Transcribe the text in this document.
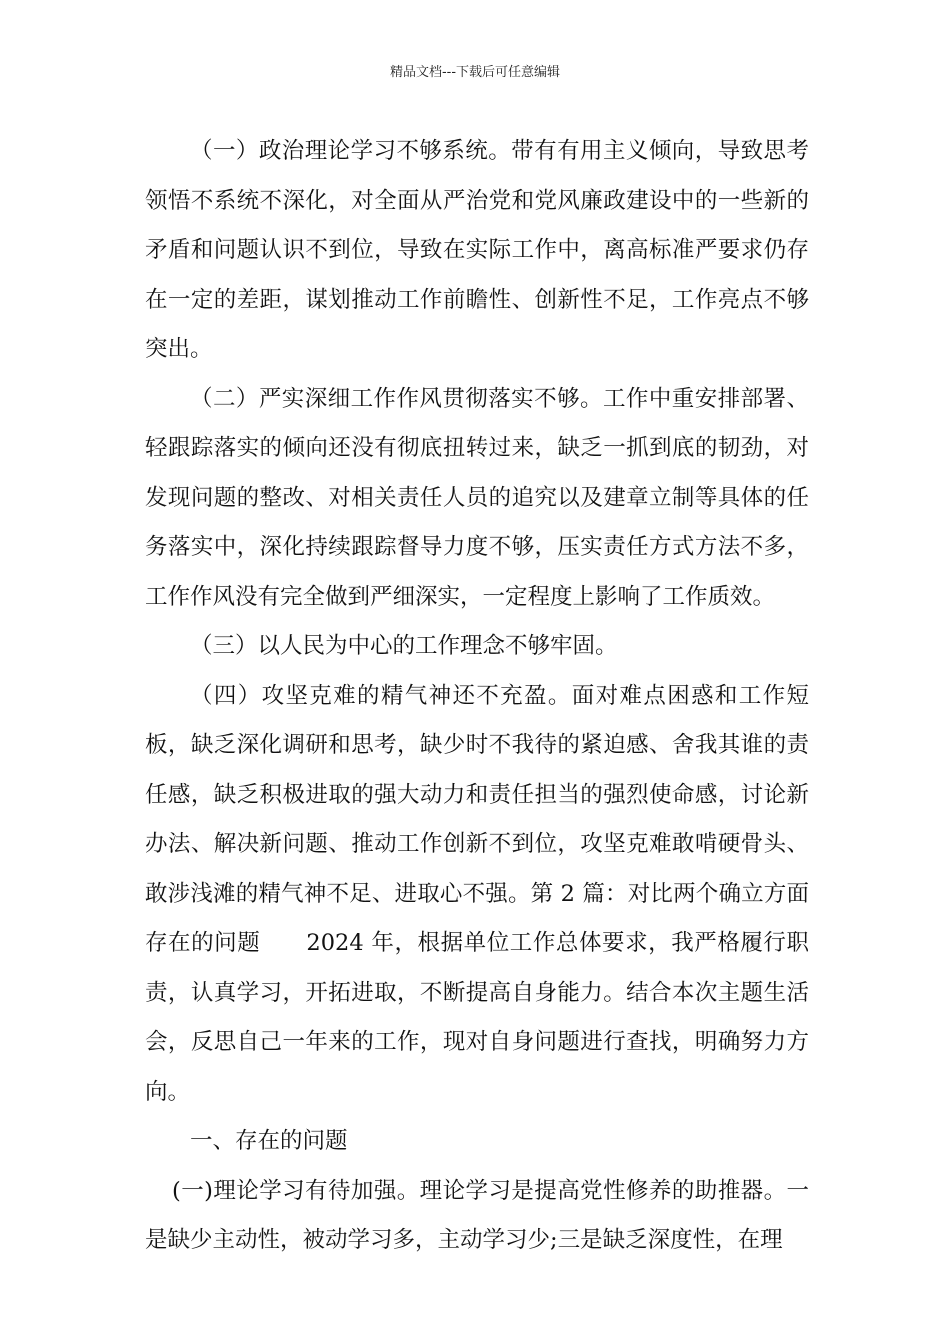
精品文档---下载后可任意编辑

（一）政治理论学习不够系统。带有有用主义倾向，导致思考领悟不系统不深化，对全面从严治党和党风廉政建设中的一些新的矛盾和问题认识不到位，导致在实际工作中，离高标准严要求仍存在一定的差距，谋划推动工作前瞻性、创新性不足，工作亮点不够突出。

（二）严实深细工作作风贯彻落实不够。工作中重安排部署、轻跟踪落实的倾向还没有彻底扭转过来，缺乏一抓到底的韧劲，对发现问题的整改、对相关责任人员的追究以及建章立制等具体的任务落实中，深化持续跟踪督导力度不够，压实责任方式方法不多，工作作风没有完全做到严细深实，一定程度上影响了工作质效。

（三）以人民为中心的工作理念不够牢固。

（四）攻坚克难的精气神还不充盈。面对难点困惑和工作短板，缺乏深化调研和思考，缺少时不我待的紧迫感、舍我其谁的责任感，缺乏积极进取的强大动力和责任担当的强烈使命感，讨论新办法、解决新问题、推动工作创新不到位，攻坚克难敢啃硬骨头、敢涉浅滩的精气神不足、进取心不强。第 2 篇：对比两个确立方面存在的问题　　2024 年，根据单位工作总体要求，我严格履行职责，认真学习，开拓进取，不断提高自身能力。结合本次主题生活会，反思自己一年来的工作，现对自身问题进行查找，明确努力方向。

一、存在的问题

(一)理论学习有待加强。理论学习是提高党性修养的助推器。一是缺少主动性，被动学习多，主动学习少;三是缺乏深度性，在理
